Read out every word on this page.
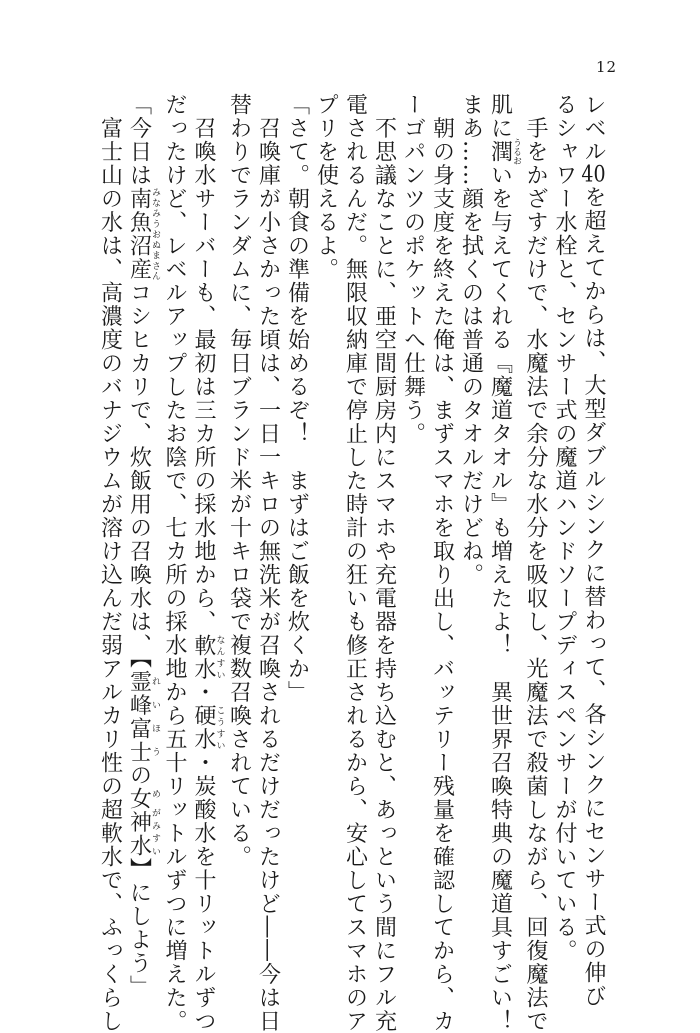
12
レベル40を超えてからは、大型ダブルシンクに替わって、各シンクにセンサー式の伸び
るシャワー水栓と、センサー式の魔道ハンドソープディスペンサーが付いている。
　手をかざすだけで、水魔法で余分な水分を吸収し、光魔法で殺菌しながら、回復魔法で
肌に潤うるおいを与えてくれる『魔道タオル』も増えたよ！　異世界召喚特典の魔道具すごい！
まあ……顔を拭くのは普通のタオルだけどね。
　朝の身支度を終えた俺は、まずスマホを取り出し、バッテリー残量を確認してから、カ
ーゴパンツのポケットへ仕舞う。
　不思議なことに、亜空間厨房内にスマホや充電器を持ち込むと、あっという間にフル充
電されるんだ。無限収納庫で停止した時計の狂いも修正されるから、安心してスマホのア
プリを使えるよ。
「さて。朝食の準備を始めるぞ！　まずはご飯を炊くか」
　召喚庫が小さかった頃は、一日一キロの無洗米が召喚されるだけだったけど――今は日
替わりでランダムに、毎日ブランド米が十キロ袋で複数召喚されている。
　召喚水サーバーも、最初は三カ所の採水地から、軟水なんすい・硬水こうすい・炭酸水を十リットルずつ
だったけど、レベルアップしたお陰で、七カ所の採水地から五十リットルずつに増えた。
「今日は南魚沼産みなみうおぬまさんコシヒカリで、炊飯用の召喚水は、【霊峰富士れいほうの女神水め がみすい】にしよう」
　富士山の水は、高濃度のバナジウムが溶け込んだ弱アルカリ性の超軟水で、ふっくらし
